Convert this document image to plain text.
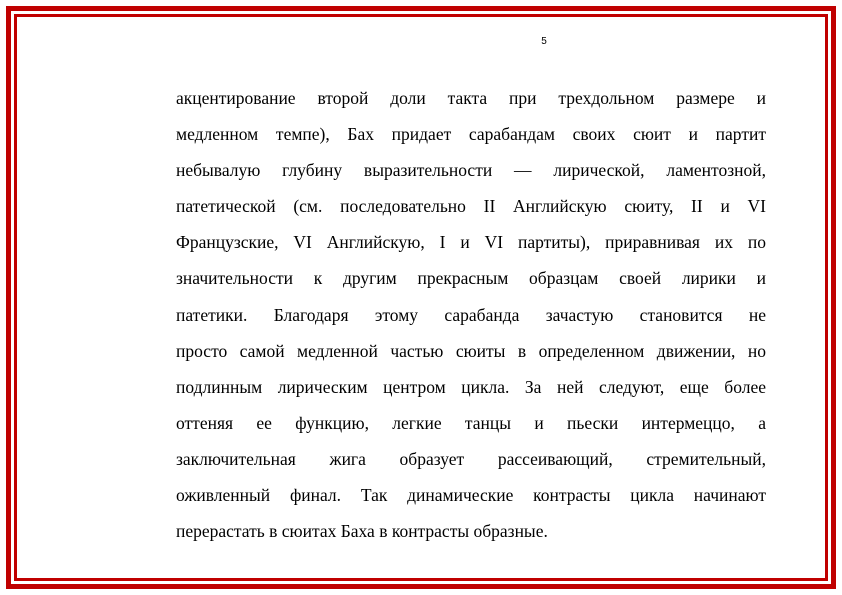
5
акцентирование второй доли такта при трехдольном размере и
медленном темпе), Бах придает сарабандам своих сюит и партит
небывалую глубину выразительности — лирической, ламентозной,
патетической (см. последовательно II Английскую сюиту, II и VI
Французские, VI Английскую, I и VI партиты), приравнивая их по
значительности к другим прекрасным образцам своей лирики и
патетики. Благодаря этому сарабанда зачастую становится не
просто самой медленной частью сюиты в определенном движении, но
подлинным лирическим центром цикла. За ней следуют, еще более
оттеняя ее функцию, легкие танцы и пьески интермеццо, а
заключительная жига образует рассеивающий, стремительный,
оживленный финал. Так динамические контрасты цикла начинают
перерастать в сюитах Баха в контрасты образные.
